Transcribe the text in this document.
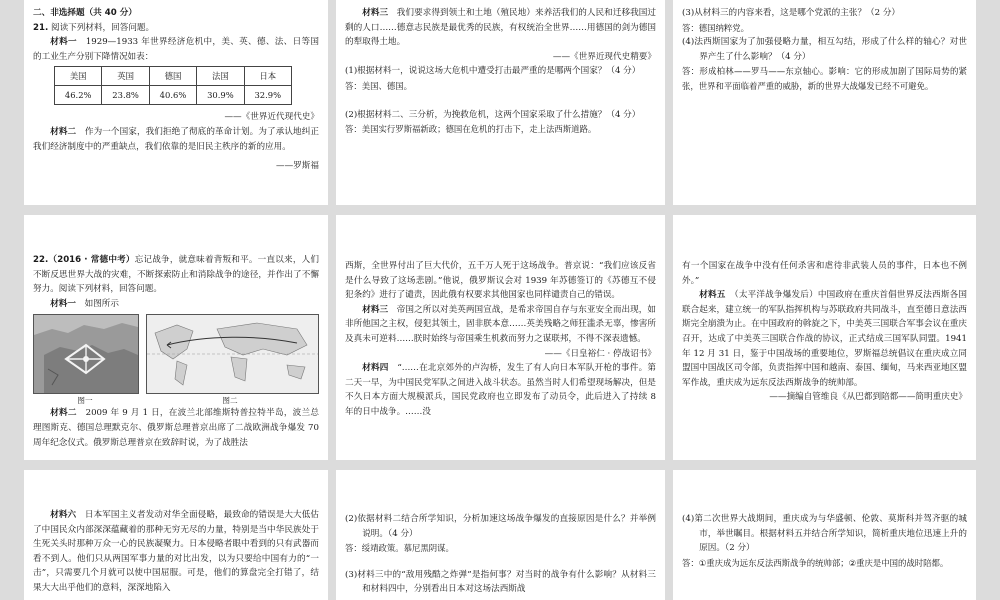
二、非选择题（共 40 分）

21. 阅读下列材料，回答问题。

材料一　 1929—1933 年世界经济危机中，美、英、德、法、日等国的工业生产分别下降情况如表：

美国	英国	德国	法国	日本
46.2%	23.8%	40.6%	30.9%	32.9%

——《世界近代现代史》

材料二　 作为一个国家，我们拒绝了彻底的革命计划。为了承认地纠正我们经济制度中的严重缺点，我们依靠的是旧民主秩序的新的应用。

——罗斯福

材料三　 我们要求得到领土和土地（殖民地）来养活我们的人民和迁移我国过剩的人口……德意志民族是最优秀的民族，有权统治全世界……用德国的剑为德国的犁取得土地。

——《世界近现代史精要》

(1)根据材料一，说说这场大危机中遭受打击最严重的是哪两个国家？（4 分）

答：美国、德国。

(2)根据材料二、三分析，为挽救危机，这两个国家采取了什么措施？（4 分）

答：美国实行罗斯福新政；德国在危机的打击下，走上法西斯道路。

(3)从材料三的内容来看，这是哪个党派的主张？（2 分）

答：德国纳粹党。

(4)法西斯国家为了加强侵略力量，相互勾结，形成了什么样的轴心？对世界产生了什么影响？（4 分）

答：形成柏林——罗马——东京轴心。影响：它的形成加剧了国际局势的紧张，世界和平面临着严重的威胁，新的世界大战爆发已经不可避免。

22.（2016 · 常德中考）忘记战争，就意味着背叛和平。一直以来，人们不断反思世界大战的灾难，不断探索防止和消除战争的途径，并作出了不懈努力。阅读下列材料，回答问题。

材料一　 如图所示

图一	图二

材料二　 2009 年 9 月 1 日，在波兰北部维斯特普拉特半岛，波兰总理图斯克、德国总理默克尔、俄罗斯总理普京出席了二战欧洲战争爆发 70 周年纪念仪式。俄罗斯总理普京在致辞时说，为了战胜法

西斯，全世界付出了巨大代价，五千万人死于这场战争。普京说：“我们应该反省是什么导致了这场悲剧。”他说，俄罗斯议会对 1939 年苏德签订的《苏德互不侵犯条约》进行了谴责，因此俄有权要求其他国家也同样谴责自己的错误。

材料三　 帝国之所以对美英两国宣战，是希求帝国自存与东亚安全而出现，如非所他国之主权，侵犯其领土，固非朕本意……英美残略之师狂滥杀无辜，惨害所及真未可逆料……朕时始终与帝国乘生机救而努力之谋联邦，不得不深表遗憾。

——《日皇裕仁 · 停战诏书》

材料四　 “……在北京郊外的卢沟桥，发生了有人向日本军队开枪的事件。第二天一早，为中国民党军队之间进入战斗状态。虽然当时人们希望现场解决，但是不久日本方面大规模派兵，国民党政府也立即发布了动员令，此后进入了持续 8 年的日中战争。……没

有一个国家在战争中没有任何杀害和虐待非武装人员的事件，日本也不例外。”

材料五　 （太平洋战争爆发后）中国政府在重庆首倡世界反法西斯各国联合起来，建立统一的军队指挥机构与苏联政府共同战斗，直至德日意法西斯完全崩溃为止。在中国政府的斡旋之下，中美英三国联合军事会议在重庆召开，达成了中美英三国联合作战的协议，正式结成三国军队同盟。1941 年 12 月 31 日，鉴于中国战场的重要地位，罗斯福总统倡议在重庆成立同盟国中国战区司令部，负责指挥中国和越南、泰国、缅甸，马来西亚地区盟军作战，重庆成为远东反法西斯战争的统帅部。

——摘编自管维良《从巴都到陪都——简明重庆史》

材料六　 日本军国主义者发动对华全面侵略，最致命的错误是大大低估了中国民众内部深深蕴藏着的那种无穷无尽的力量，特别是当中华民族处于生死关头时那种万众一心的民族凝聚力。日本侵略者眼中看到的只有武器而看不到人。他们只从两国军事力量的对比出发，以为只要给中国有力的“一击”，只需要几个月就可以使中国屈服。可是，他们的算盘完全打错了，结果大大出乎他们的意料，深深地陷入

(2)依据材料二结合所学知识，分析加速这场战争爆发的直接原因是什么？并举例说明。（4 分）

答：绥靖政策。慕尼黑阴谋。

(3)材料三中的“敌用残酷之炸弹”是指何事？对当时的战争有什么影响？从材料三和材料四中，分别看出日本对这场法西斯战

(4)第二次世界大战期间，重庆成为与华盛顿、伦敦、莫斯科并驾齐驱的城市，举世瞩目。根据材料五并结合所学知识，简析重庆地位迅速上升的原因。（2 分）

答：①重庆成为远东反法西斯战争的统帅部；②重庆是中国的战时陪都。
